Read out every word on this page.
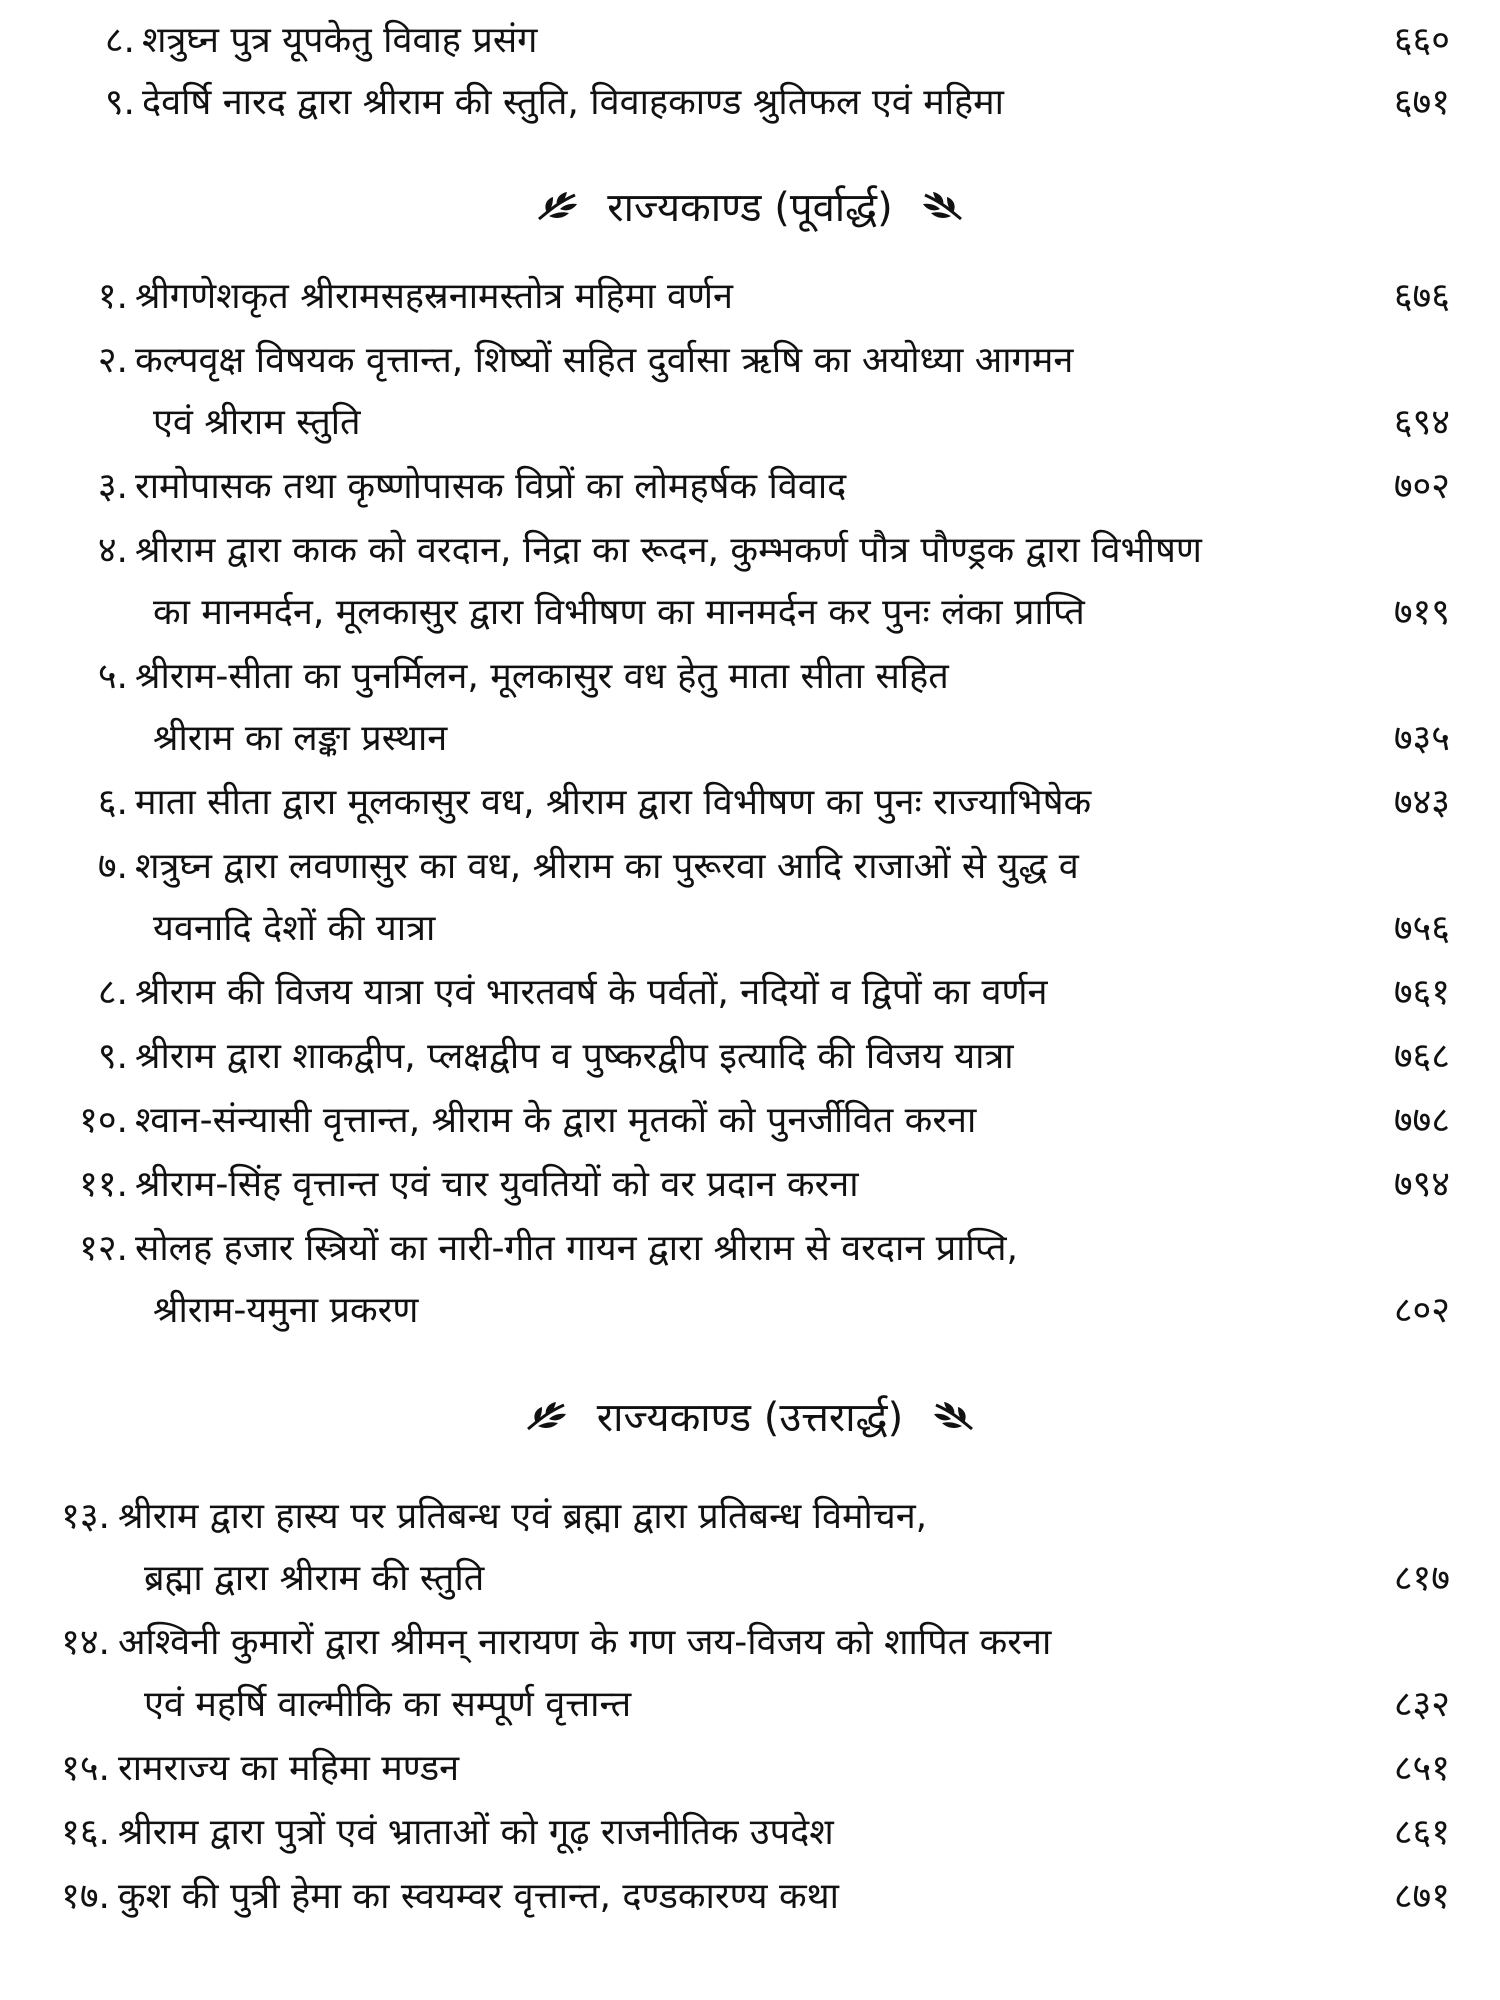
८. शत्रुघ्न पुत्र यूपकेतु विवाह प्रसंग	६६०
९. देवर्षि नारद द्वारा श्रीराम की स्तुति, विवाहकाण्ड श्रुतिफल एवं महिमा	६७१
राज्यकाण्ड (पूर्वार्द्ध)
१. श्रीगणेशकृत श्रीरामसहस्रनामस्तोत्र महिमा वर्णन	६७६
२. कल्पवृक्ष विषयक वृत्तान्त, शिष्यों सहित दुर्वासा ऋषि का अयोध्या आगमन
एवं श्रीराम स्तुति	६९४
३. रामोपासक तथा कृष्णोपासक विप्रों का लोमहर्षक विवाद	७०२
४. श्रीराम द्वारा काक को वरदान, निद्रा का रूदन, कुम्भकर्ण पौत्र पौण्ड्रक द्वारा विभीषण
का मानमर्दन, मूलकासुर द्वारा विभीषण का मानमर्दन कर पुनः लंका प्राप्ति	७१९
५. श्रीराम-सीता का पुनर्मिलन, मूलकासुर वध हेतु माता सीता सहित
श्रीराम का लङ्का प्रस्थान	७३५
६. माता सीता द्वारा मूलकासुर वध, श्रीराम द्वारा विभीषण का पुनः राज्याभिषेक	७४३
७. शत्रुघ्न द्वारा लवणासुर का वध, श्रीराम का पुरूरवा आदि राजाओं से युद्ध व
यवनादि देशों की यात्रा	७५६
८. श्रीराम की विजय यात्रा एवं भारतवर्ष के पर्वतों, नदियों व द्विपों का वर्णन	७६१
९. श्रीराम द्वारा शाकद्वीप, प्लक्षद्वीप व पुष्करद्वीप इत्यादि की विजय यात्रा	७६८
१०. श्वान-संन्यासी वृत्तान्त, श्रीराम के द्वारा मृतकों को पुनर्जीवित करना	७७८
११. श्रीराम-सिंह वृत्तान्त एवं चार युवतियों को वर प्रदान करना	७९४
१२. सोलह हजार स्त्रियों का नारी-गीत गायन द्वारा श्रीराम से वरदान प्राप्ति,
श्रीराम-यमुना प्रकरण	८०२
राज्यकाण्ड (उत्तरार्द्ध)
१३. श्रीराम द्वारा हास्य पर प्रतिबन्ध एवं ब्रह्मा द्वारा प्रतिबन्ध विमोचन,
ब्रह्मा द्वारा श्रीराम की स्तुति	८१७
१४. अश्विनी कुमारों द्वारा श्रीमन् नारायण के गण जय-विजय को शापित करना
एवं महर्षि वाल्मीकि का सम्पूर्ण वृत्तान्त	८३२
१५. रामराज्य का महिमा मण्डन	८५१
१६. श्रीराम द्वारा पुत्रों एवं भ्राताओं को गूढ़ राजनीतिक उपदेश	८६१
१७. कुश की पुत्री हेमा का स्वयम्वर वृत्तान्त, दण्डकारण्य कथा	८७१
